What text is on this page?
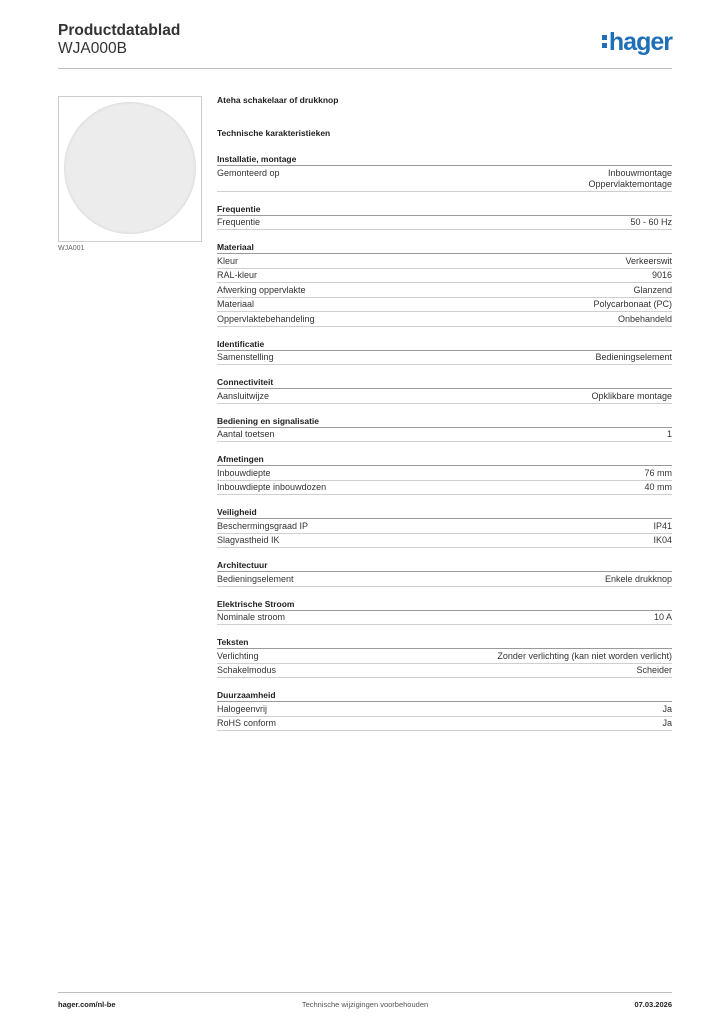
Productdatablad
WJA000B	hager
WJA001
Ateha schakelaar of drukknop
Technische karakteristieken
Installatie, montage
Gemonteerd op	Inbouwmontage
Oppervlaktemontage
Frequentie
Frequentie	50 - 60 Hz
Materiaal
Kleur	Verkeerswit
RAL-kleur	9016
Afwerking oppervlakte	Glanzend
Materiaal	Polycarbonaat (PC)
Oppervlaktebehandeling	Onbehandeld
Identificatie
Samenstelling	Bedieningselement
Connectiviteit
Aansluitwijze	Opklikbare montage
Bediening en signalisatie
Aantal toetsen	1
Afmetingen
Inbouwdiepte	76 mm
Inbouwdiepte inbouwdozen	40 mm
Veiligheid
Beschermingsgraad IP	IP41
Slagvastheid IK	IK04
Architectuur
Bedieningselement	Enkele drukknop
Elektrische Stroom
Nominale stroom	10 A
Teksten
Verlichting	Zonder verlichting (kan niet worden verlicht)
Schakelmodus	Scheider
Duurzaamheid
Halogeenvrij	Ja
RoHS conform	Ja
hager.com/nl-be	Technische wijzigingen voorbehouden	07.03.2026
